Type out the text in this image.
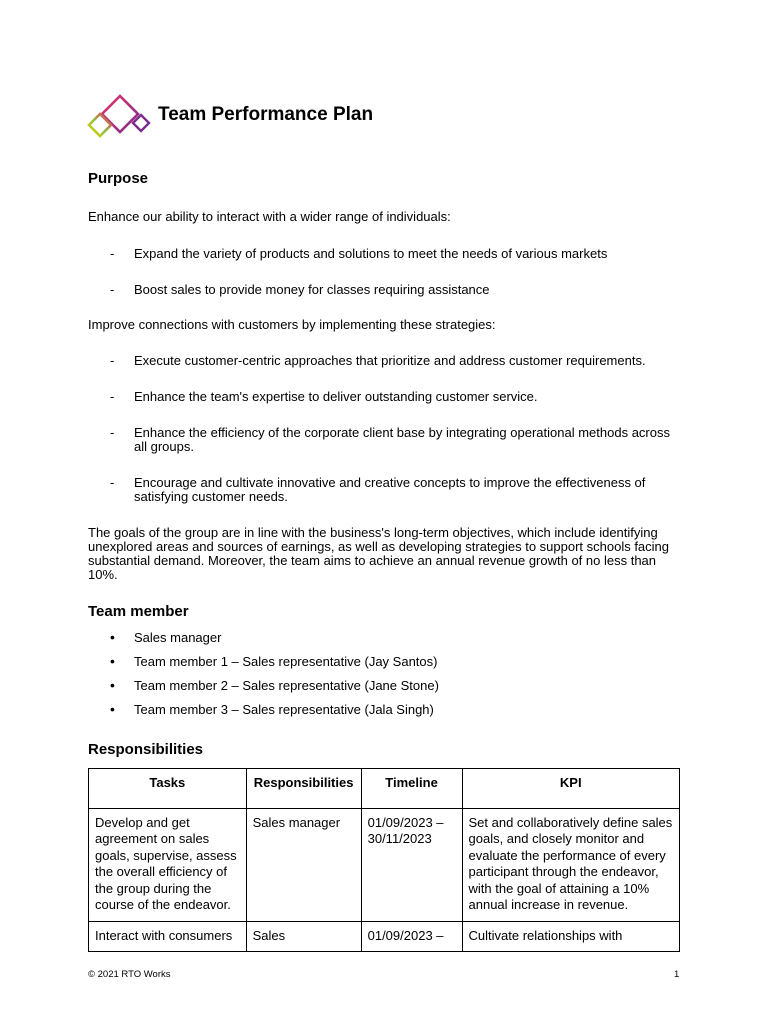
Team Performance Plan
Purpose

Enhance our ability to interact with a wider range of individuals:

- Expand the variety of products and solutions to meet the needs of various markets
- Boost sales to provide money for classes requiring assistance

Improve connections with customers by implementing these strategies:

- Execute customer-centric approaches that prioritize and address customer requirements.
- Enhance the team's expertise to deliver outstanding customer service.
- Enhance the efficiency of the corporate client base by integrating operational methods across all groups.
- Encourage and cultivate innovative and creative concepts to improve the effectiveness of satisfying customer needs.

The goals of the group are in line with the business's long-term objectives, which include identifying unexplored areas and sources of earnings, as well as developing strategies to support schools facing substantial demand. Moreover, the team aims to achieve an annual revenue growth of no less than 10%.

Team member
• Sales manager
• Team member 1 – Sales representative (Jay Santos)
• Team member 2 – Sales representative (Jane Stone)
• Team member 3 – Sales representative (Jala Singh)
Responsibilities
Tasks	Responsibilities	Timeline	KPI
Develop and get agreement on sales goals, supervise, assess the overall efficiency of the group during the course of the endeavor.	Sales manager	01/09/2023 – 30/11/2023	Set and collaboratively define sales goals, and closely monitor and evaluate the performance of every participant through the endeavor, with the goal of attaining a 10% annual increase in revenue.
Interact with consumers	Sales	01/09/2023 –	Cultivate relationships with
© 2021 RTO Works	1
